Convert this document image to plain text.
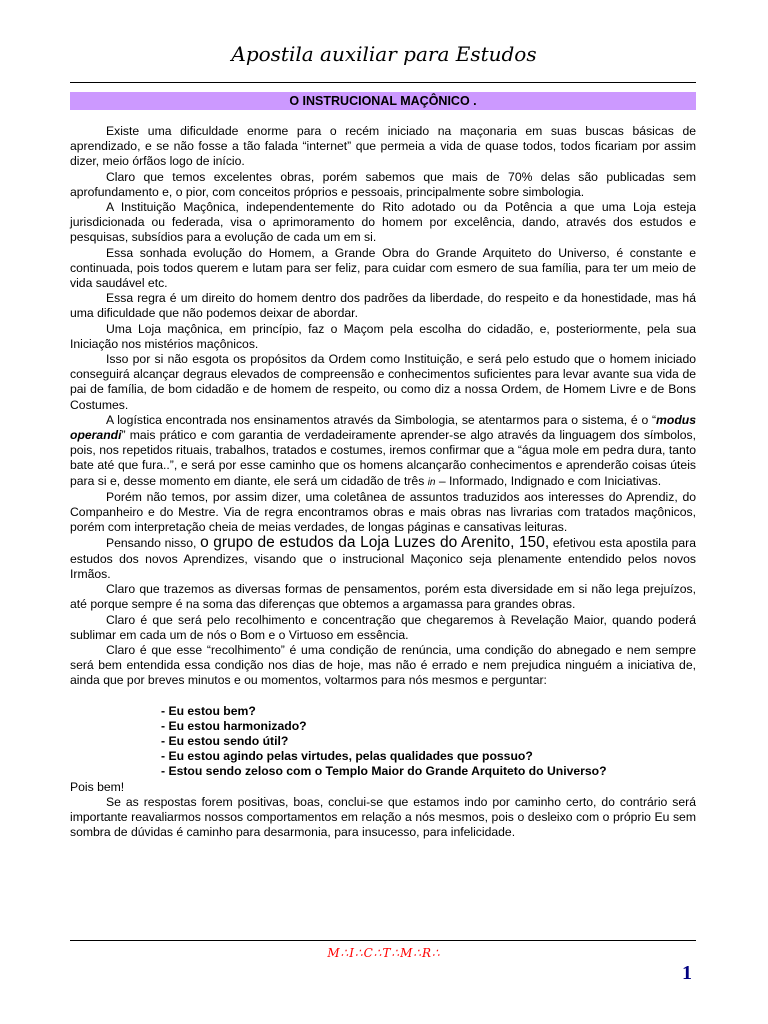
Apostila auxiliar para Estudos
O INSTRUCIONAL MAÇÔNICO .

Existe uma dificuldade enorme para o recém iniciado na maçonaria em suas buscas básicas de aprendizado, e se não fosse a tão falada “internet” que permeia a vida de quase todos, todos ficariam por assim dizer, meio órfãos logo de início.

Claro que temos excelentes obras, porém sabemos que mais de 70% delas são publicadas sem aprofundamento e, o pior, com conceitos próprios e pessoais, principalmente sobre simbologia.

A Instituição Maçônica, independentemente do Rito adotado ou da Potência a que uma Loja esteja jurisdicionada ou federada, visa o aprimoramento do homem por excelência, dando, através dos estudos e pesquisas, subsídios para a evolução de cada um em si.

Essa sonhada evolução do Homem, a Grande Obra do Grande Arquiteto do Universo, é constante e continuada, pois todos querem e lutam para ser feliz, para cuidar com esmero de sua família, para ter um meio de vida saudável etc.

Essa regra é um direito do homem dentro dos padrões da liberdade, do respeito e da honestidade, mas há uma dificuldade que não podemos deixar de abordar.

Uma Loja maçônica, em princípio, faz o Maçom pela escolha do cidadão, e, posteriormente, pela sua Iniciação nos mistérios maçônicos.

Isso por si não esgota os propósitos da Ordem como Instituição, e será pelo estudo que o homem iniciado conseguirá alcançar degraus elevados de compreensão e conhecimentos suficientes para levar avante sua vida de pai de família, de bom cidadão e de homem de respeito, ou como diz a nossa Ordem, de Homem Livre e de Bons Costumes.

A logística encontrada nos ensinamentos através da Simbologia, se atentarmos para o sistema, é o “modus operandi” mais prático e com garantia de verdadeiramente aprender-se algo através da linguagem dos símbolos, pois, nos repetidos rituais, trabalhos, tratados e costumes, iremos confirmar que a “água mole em pedra dura, tanto bate até que fura..”, e será por esse caminho que os homens alcançarão conhecimentos e aprenderão coisas úteis para si e, desse momento em diante, ele será um cidadão de três in – Informado, Indignado e com Iniciativas.

Porém não temos, por assim dizer, uma coletânea de assuntos traduzidos aos interesses do Aprendiz, do Companheiro e do Mestre. Via de regra encontramos obras e mais obras nas livrarias com tratados maçônicos, porém com interpretação cheia de meias verdades, de longas páginas e cansativas leituras.

Pensando nisso, o grupo de estudos da Loja Luzes do Arenito, 150, efetivou esta apostila para estudos dos novos Aprendizes, visando que o instrucional Maçonico seja plenamente entendido pelos novos Irmãos.

Claro que trazemos as diversas formas de pensamentos, porém esta diversidade em si não lega prejuízos, até porque sempre é na soma das diferenças que obtemos a argamassa para grandes obras.

Claro é que será pelo recolhimento e concentração que chegaremos à Revelação Maior, quando poderá sublimar em cada um de nós o Bom e o Virtuoso em essência.

Claro é que esse “recolhimento” é uma condição de renúncia, uma condição do abnegado e nem sempre será bem entendida essa condição nos dias de hoje, mas não é errado e nem prejudica ninguém a iniciativa de, ainda que por breves minutos e ou momentos, voltarmos para nós mesmos e perguntar:

- Eu estou bem?
- Eu estou harmonizado?
- Eu estou sendo útil?
- Eu estou agindo pelas virtudes, pelas qualidades que possuo?
- Estou sendo zeloso com o Templo Maior do Grande Arquiteto do Universo?

Pois bem!

Se as respostas forem positivas, boas, conclui-se que estamos indo por caminho certo, do contrário será importante reavaliarmos nossos comportamentos em relação a nós mesmos, pois o desleixo com o próprio Eu sem sombra de dúvidas é caminho para desarmonia, para insucesso, para infelicidade.

M∴I∴C∴T∴M∴R∴
1
